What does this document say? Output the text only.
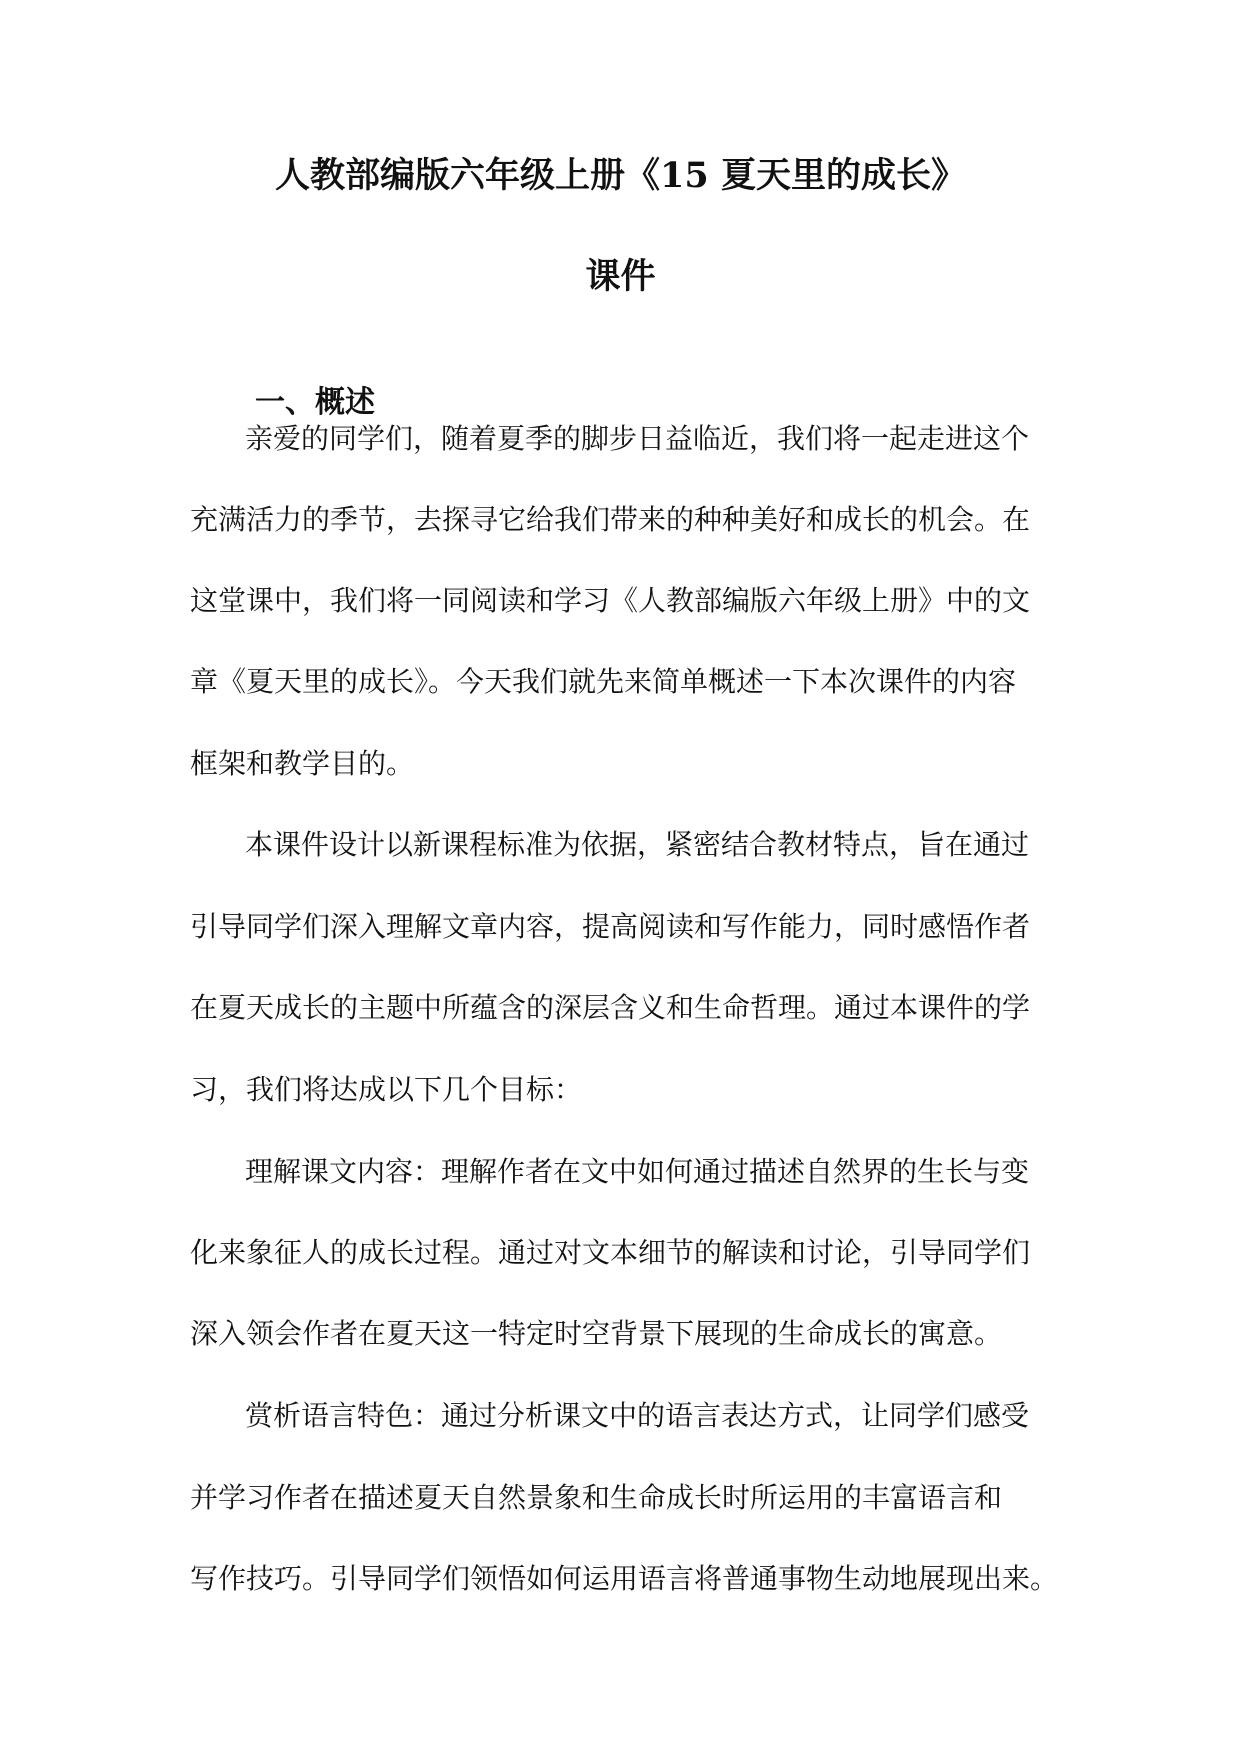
人教部编版六年级上册《15 夏天里的成长》
课件
一、概述
亲爱的同学们，随着夏季的脚步日益临近，我们将一起走进这个
充满活力的季节，去探寻它给我们带来的种种美好和成长的机会。在
这堂课中，我们将一同阅读和学习《人教部编版六年级上册》中的文
章《夏天里的成长》。今天我们就先来简单概述一下本次课件的内容
框架和教学目的。
本课件设计以新课程标准为依据，紧密结合教材特点，旨在通过
引导同学们深入理解文章内容，提高阅读和写作能力，同时感悟作者
在夏天成长的主题中所蕴含的深层含义和生命哲理。通过本课件的学
习，我们将达成以下几个目标：
理解课文内容：理解作者在文中如何通过描述自然界的生长与变
化来象征人的成长过程。通过对文本细节的解读和讨论，引导同学们
深入领会作者在夏天这一特定时空背景下展现的生命成长的寓意。
赏析语言特色：通过分析课文中的语言表达方式，让同学们感受
并学习作者在描述夏天自然景象和生命成长时所运用的丰富语言和
写作技巧。引导同学们领悟如何运用语言将普通事物生动地展现出来。
